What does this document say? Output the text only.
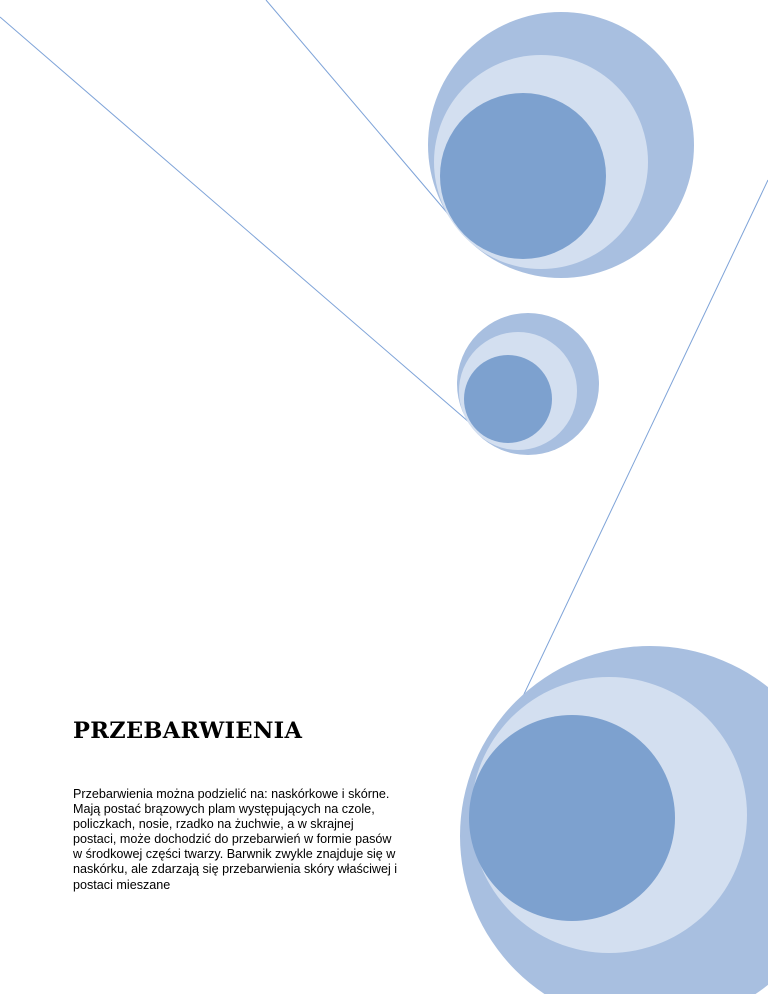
PRZEBARWIENIA

Przebarwienia można podzielić na: naskórkowe i skórne.
Mają postać brązowych plam występujących na czole,
policzkach, nosie, rzadko na żuchwie, a w skrajnej
postaci, może dochodzić do przebarwień w formie pasów
w środkowej części twarzy. Barwnik zwykle znajduje się w
naskórku, ale zdarzają się przebarwienia skóry właściwej i
postaci mieszane
